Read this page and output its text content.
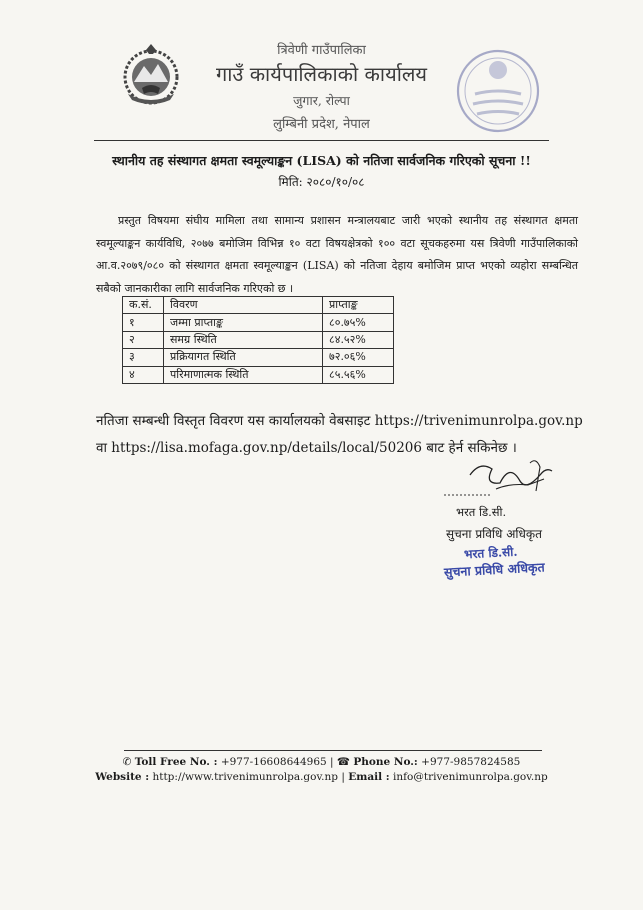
त्रिवेणी गाउँपालिका
गाउँ कार्यपालिकाको कार्यालय
जुगार, रोल्पा
लुम्बिनी प्रदेश, नेपाल
स्थानीय तह संस्थागत क्षमता स्वमूल्याङ्कन (LISA) को नतिजा सार्वजनिक गरिएको सूचना !!
मिति: २०८०/१०/०८
प्रस्तुत विषयमा संघीय मामिला तथा सामान्य प्रशासन मन्त्रालयबाट जारी भएको स्थानीय तह संस्थागत क्षमता स्वमूल्याङ्कन कार्यविधि, २०७७ बमोजिम विभिन्न १० वटा विषयक्षेत्रको १०० वटा सूचकहरुमा यस त्रिवेणी गाउँपालिकाको आ.व.२०७९/०८० को संस्थागत क्षमता स्वमूल्याङ्कन (LISA) को नतिजा देहाय बमोजिम प्राप्त भएको व्यहोरा सम्बन्धित सबैको जानकारीका लागि सार्वजनिक गरिएको छ ।
क.सं.	विवरण	प्राप्ताङ्क
१	जम्मा प्राप्ताङ्क	८०.७५%
२	समग्र स्थिति	८४.५२%
३	प्रक्रियागत स्थिति	७२.०६%
४	परिमाणात्मक स्थिति	८५.५६%
नतिजा सम्बन्धी विस्तृत विवरण यस कार्यालयको वेबसाइट https://trivenimunrolpa.gov.np वा https://lisa.mofaga.gov.np/details/local/50206 बाट हेर्न सकिनेछ ।
भरत डि.सी.
सुचना प्रविधि अधिकृत
भरत डि.सी.
सुचना प्रविधि अधिकृत
✆ Toll Free No. : +977-16608644965 | ☎ Phone No.: +977-9857824585
Website : http://www.trivenimunrolpa.gov.np | Email : info@trivenimunrolpa.gov.np
